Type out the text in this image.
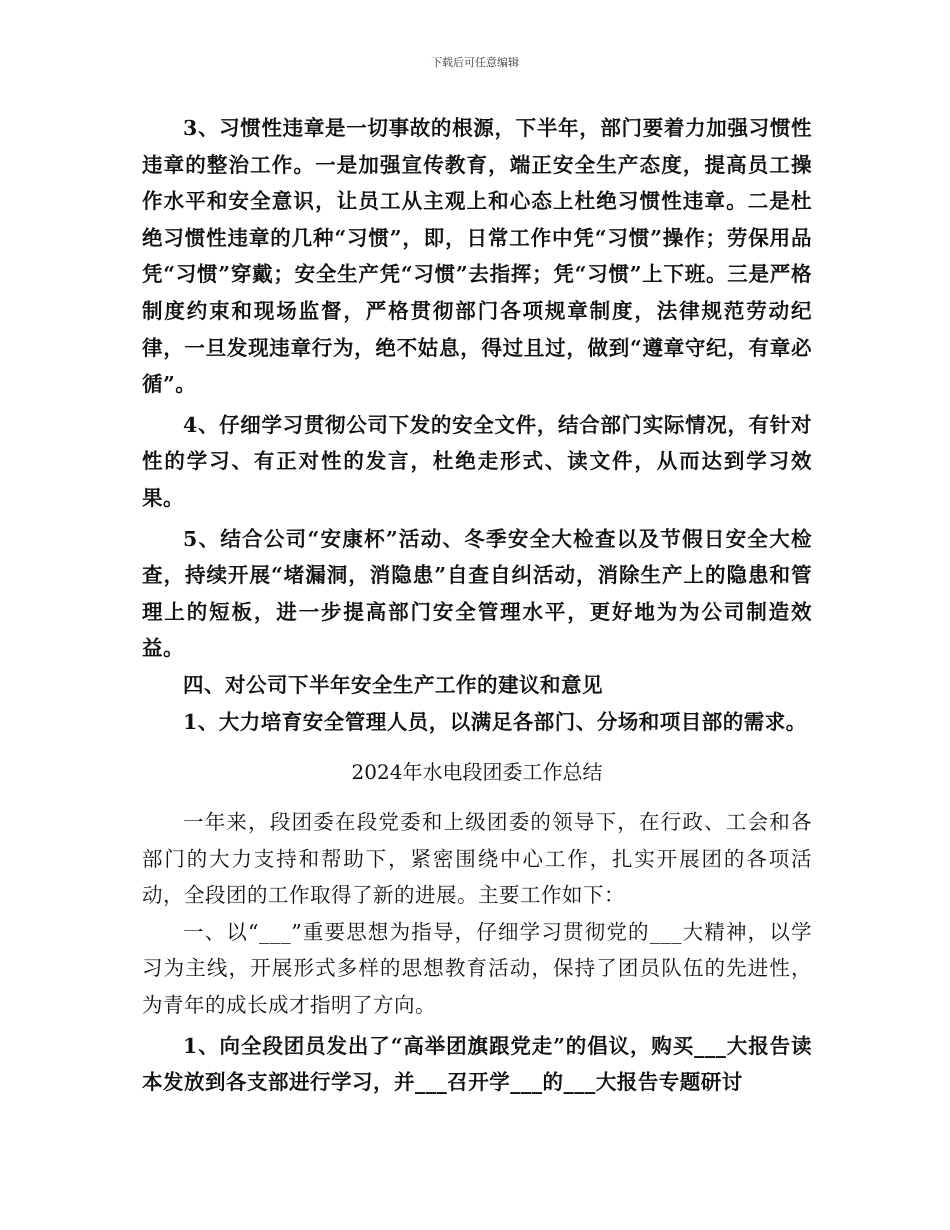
下载后可任意编辑

3、习惯性违章是一切事故的根源，下半年，部门要着力加强习惯性违章的整治工作。一是加强宣传教育，端正安全生产态度，提高员工操作水平和安全意识，让员工从主观上和心态上杜绝习惯性违章。二是杜绝习惯性违章的几种“习惯”，即，日常工作中凭“习惯”操作；劳保用品凭“习惯”穿戴；安全生产凭“习惯”去指挥；凭“习惯”上下班。三是严格制度约束和现场监督，严格贯彻部门各项规章制度，法律规范劳动纪律，一旦发现违章行为，绝不姑息，得过且过，做到“遵章守纪，有章必循”。

4、仔细学习贯彻公司下发的安全文件，结合部门实际情况，有针对性的学习、有正对性的发言，杜绝走形式、读文件，从而达到学习效果。

5、结合公司“安康杯”活动、冬季安全大检查以及节假日安全大检查，持续开展“堵漏洞，消隐患”自查自纠活动，消除生产上的隐患和管理上的短板，进一步提高部门安全管理水平，更好地为为公司制造效益。

四、对公司下半年安全生产工作的建议和意见

1、大力培育安全管理人员，以满足各部门、分场和项目部的需求。

2024年水电段团委工作总结

一年来，段团委在段党委和上级团委的领导下，在行政、工会和各部门的大力支持和帮助下，紧密围绕中心工作，扎实开展团的各项活动，全段团的工作取得了新的进展。主要工作如下：

一、以“___”重要思想为指导，仔细学习贯彻党的___大精神，以学习为主线，开展形式多样的思想教育活动，保持了团员队伍的先进性，为青年的成长成才指明了方向。

1、向全段团员发出了“高举团旗跟党走”的倡议，购买___大报告读本发放到各支部进行学习，并___召开学___的___大报告专题研讨
